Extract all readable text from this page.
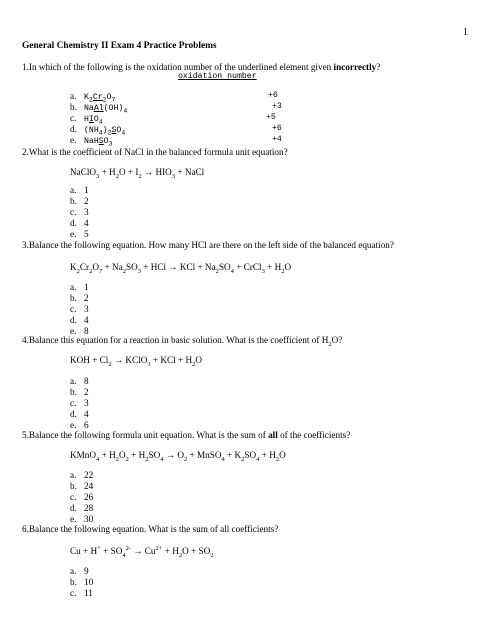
1
General Chemistry II Exam 4 Practice Problems
1.In which of the following is the oxidation number of the underlined element given incorrectly?
oxidation number
a. $K_2Cr_2O_7$
+6
b. $NaAl(OH)_4$
+3
c. $HIO_4$
+5
d. $(NH_4)_2SO_4$
+6
e. NaHSO$_3$
+4
2.What is the coefficient of NaCl in the balanced formula unit equation?
NaClO$_3$ + $H_2O + I_2 \to HIO_3$ + NaCl
a. 1
b. 2
c. 3
d. 4
e. 5
3.Balance the following equation. How many HCl are there on the left side of the balanced equation?
$K_2Cr_2O_7 + Na_2SO_3$ + HCl → KCl + $Na_2SO_4$ + CrCl$_3$ + $H_2O$
a. 1
b. 2
c. 3
d. 4
e. 8
4.Balance this equation for a reaction in basic solution. What is the coefficient of $H_2O$?
KOH + $Cl_2$ → KClO$_3$ + KCl + $H_2O$
a. 8
b. 2
c. 3
d. 4
e. 6
5.Balance the following formula unit equation. What is the sum of all of the coefficients?
KMnO$_4$ + $H_2O_2 + H_2SO_4 \to O_2$ + MnSO$_4$ + $K_2SO_4 + H_2O$
a. 22
b. 24
c. 26
d. 28
e. 30
6.Balance the following equation. What is the sum of all coefficients?
$Cu + H^+ + SO_4^{2-} \to Cu^{2+} + H_2O + SO_2$
a. 9
b. 10
c. 11
